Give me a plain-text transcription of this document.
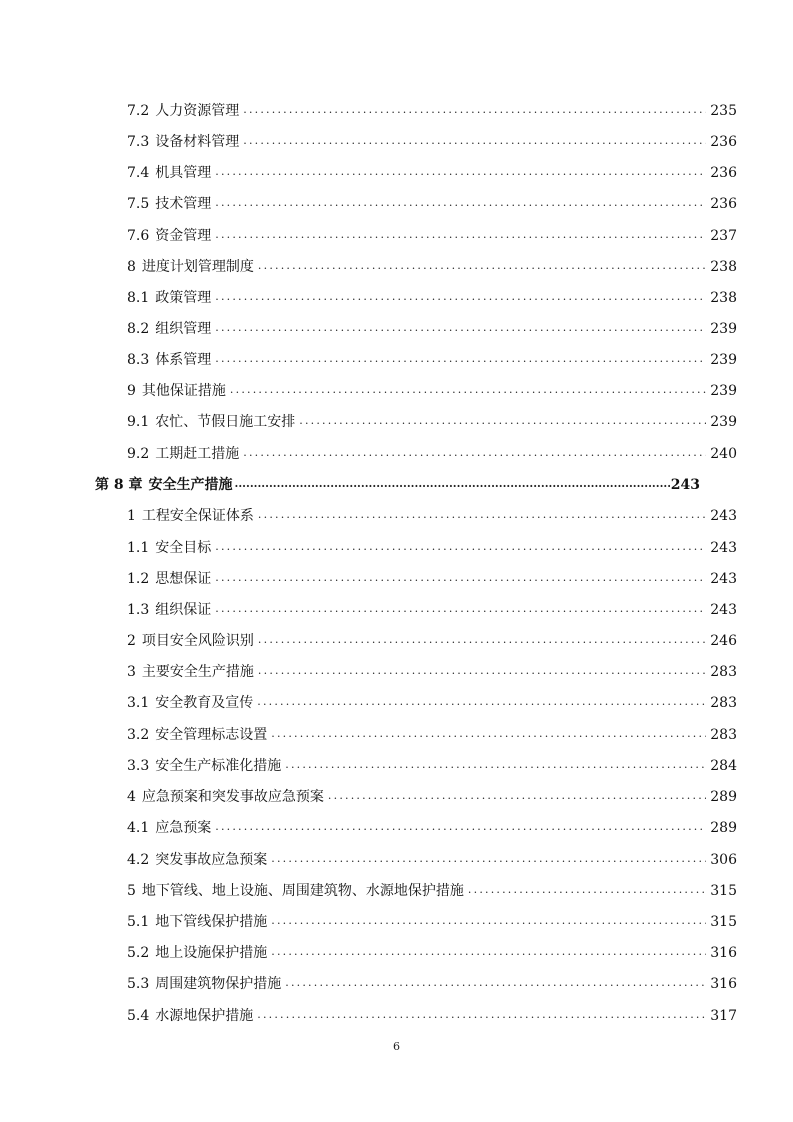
7.2 人力资源管理 .....	235
7.3 设备材料管理 .....	236
7.4 机具管理 .....	236
7.5 技术管理 .....	236
7.6 资金管理 .....	237
8 进度计划管理制度 .....	238
8.1 政策管理 .....	238
8.2 组织管理 .....	239
8.3 体系管理 .....	239
9 其他保证措施 .....	239
9.1 农忙、节假日施工安排 .....	239
9.2 工期赶工措施 .....	240
第 8 章 安全生产措施 .....	243
1 工程安全保证体系 .....	243
1.1 安全目标 .....	243
1.2 思想保证 .....	243
1.3 组织保证 .....	243
2 项目安全风险识别 .....	246
3 主要安全生产措施 .....	283
3.1 安全教育及宣传 .....	283
3.2 安全管理标志设置 .....	283
3.3 安全生产标准化措施 .....	284
4 应急预案和突发事故应急预案 .....	289
4.1 应急预案 .....	289
4.2 突发事故应急预案 .....	306
5 地下管线、地上设施、周围建筑物、水源地保护措施 .....	315
5.1 地下管线保护措施 .....	315
5.2 地上设施保护措施 .....	316
5.3 周围建筑物保护措施 .....	316
5.4 水源地保护措施 .....	317
6
